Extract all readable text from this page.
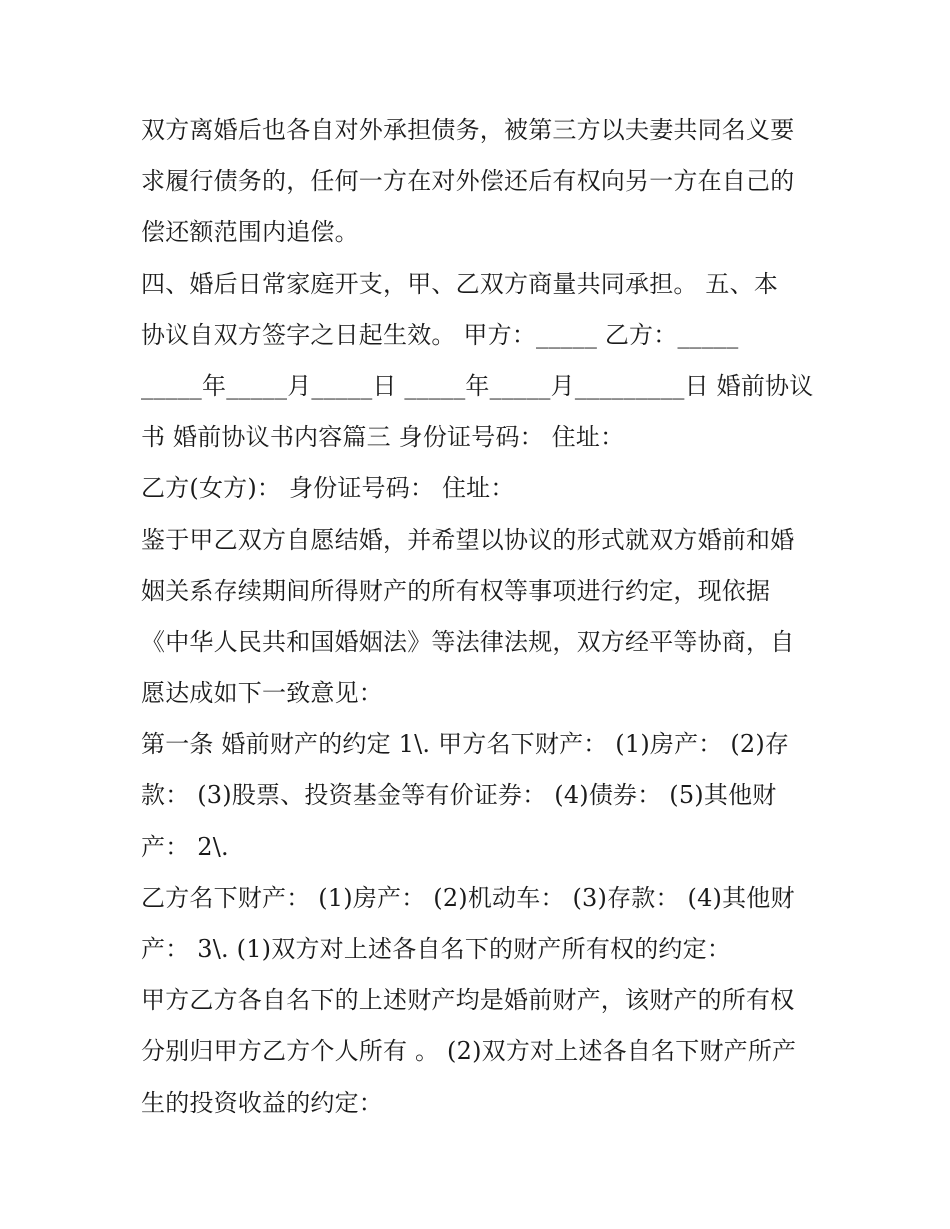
双方离婚后也各自对外承担债务，被第三方以夫妻共同名义要
求履行债务的，任何一方在对外偿还后有权向另一方在自己的
偿还额范围内追偿。
四、婚后日常家庭开支，甲、乙双方商量共同承担。 五、本
协议自双方签字之日起生效。 甲方：_____ 乙方：_____
_____年_____月_____日 _____年_____月_________日 婚前协议
书 婚前协议书内容篇三 身份证号码： 住址：
乙方(女方)： 身份证号码： 住址：
鉴于甲乙双方自愿结婚，并希望以协议的形式就双方婚前和婚
姻关系存续期间所得财产的所有权等事项进行约定，现依据
《中华人民共和国婚姻法》等法律法规，双方经平等协商，自
愿达成如下一致意见：
第一条 婚前财产的约定 1\. 甲方名下财产： (1)房产： (2)存
款： (3)股票、投资基金等有价证券： (4)债券： (5)其他财
产： 2\.
乙方名下财产： (1)房产： (2)机动车： (3)存款： (4)其他财
产： 3\. (1)双方对上述各自名下的财产所有权的约定：
甲方乙方各自名下的上述财产均是婚前财产，该财产的所有权
分别归甲方乙方个人所有 。 (2)双方对上述各自名下财产所产
生的投资收益的约定：
